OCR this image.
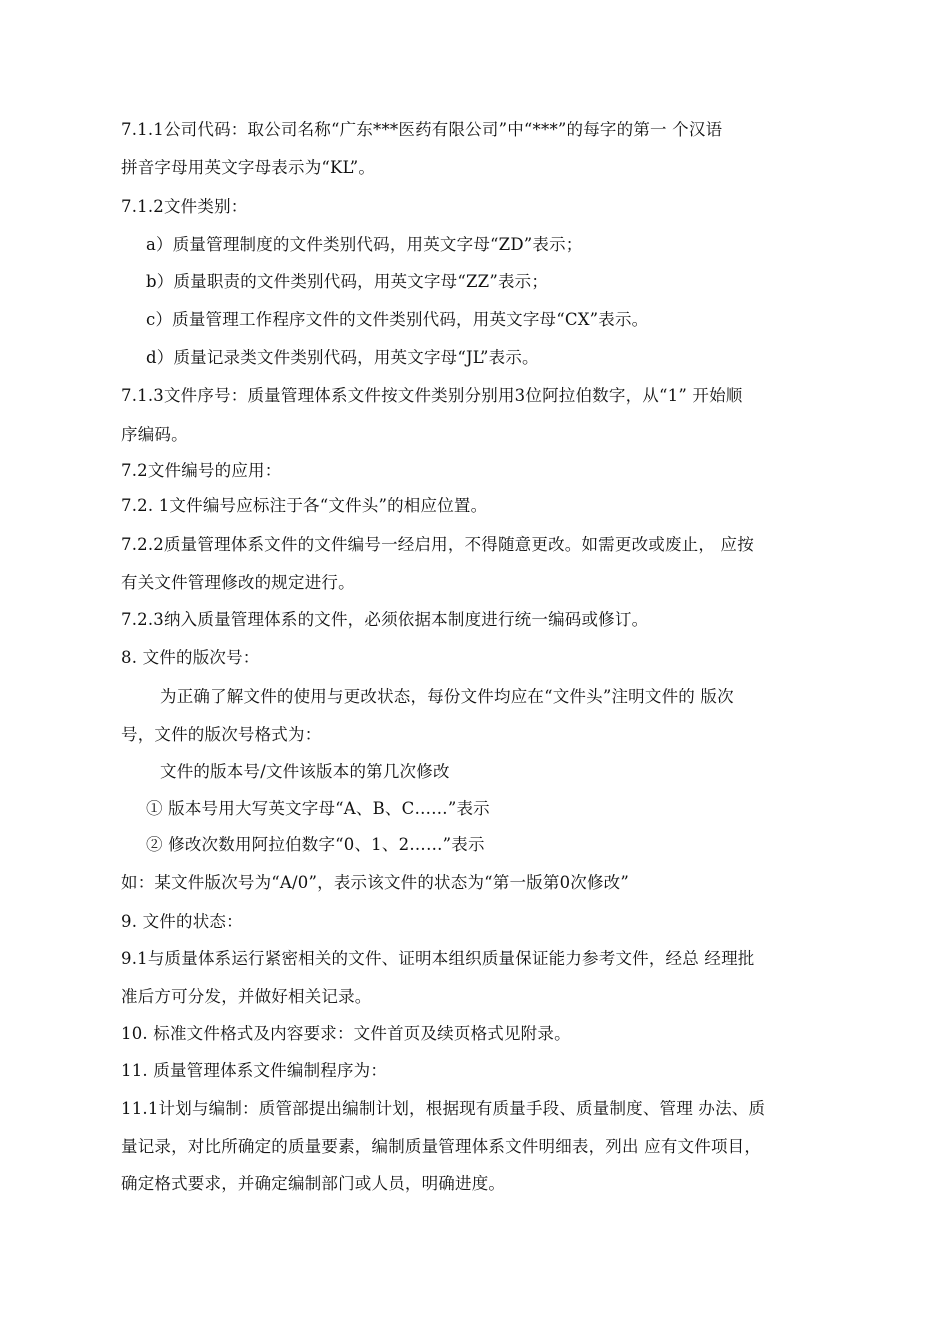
7.1.1公司代码：取公司名称“广东***医药有限公司”中“***”的每字的第一 个汉语
拼音字母用英文字母表示为“KL”。
7.1.2文件类别：
a）质量管理制度的文件类别代码，用英文字母“ZD”表示；
b）质量职责的文件类别代码，用英文字母“ZZ”表示；
c）质量管理工作程序文件的文件类别代码，用英文字母“CX”表示。
d）质量记录类文件类别代码，用英文字母“JL”表示。
7.1.3文件序号：质量管理体系文件按文件类别分别用3位阿拉伯数字，从“1” 开始顺
序编码。
7.2文件编号的应用：
7.2. 1文件编号应标注于各“文件头”的相应位置。
7.2.2质量管理体系文件的文件编号一经启用，不得随意更改。如需更改或废止， 应按
有关文件管理修改的规定进行。
7.2.3纳入质量管理体系的文件，必须依据本制度进行统一编码或修订。
8. 文件的版次号：
为正确了解文件的使用与更改状态，每份文件均应在“文件头”注明文件的 版次
号，文件的版次号格式为：
文件的版本号/文件该版本的第几次修改
① 版本号用大写英文字母“A、B、C……”表示
② 修改次数用阿拉伯数字“0、1、2……”表示
如：某文件版次号为“A/0”，表示该文件的状态为“第一版第0次修改”
9. 文件的状态：
9.1与质量体系运行紧密相关的文件、证明本组织质量保证能力参考文件，经总 经理批
准后方可分发，并做好相关记录。
10. 标准文件格式及内容要求：文件首页及续页格式见附录。
11. 质量管理体系文件编制程序为：
11.1计划与编制：质管部提出编制计划，根据现有质量手段、质量制度、管理 办法、质
量记录，对比所确定的质量要素，编制质量管理体系文件明细表，列出 应有文件项目，
确定格式要求，并确定编制部门或人员，明确进度。
